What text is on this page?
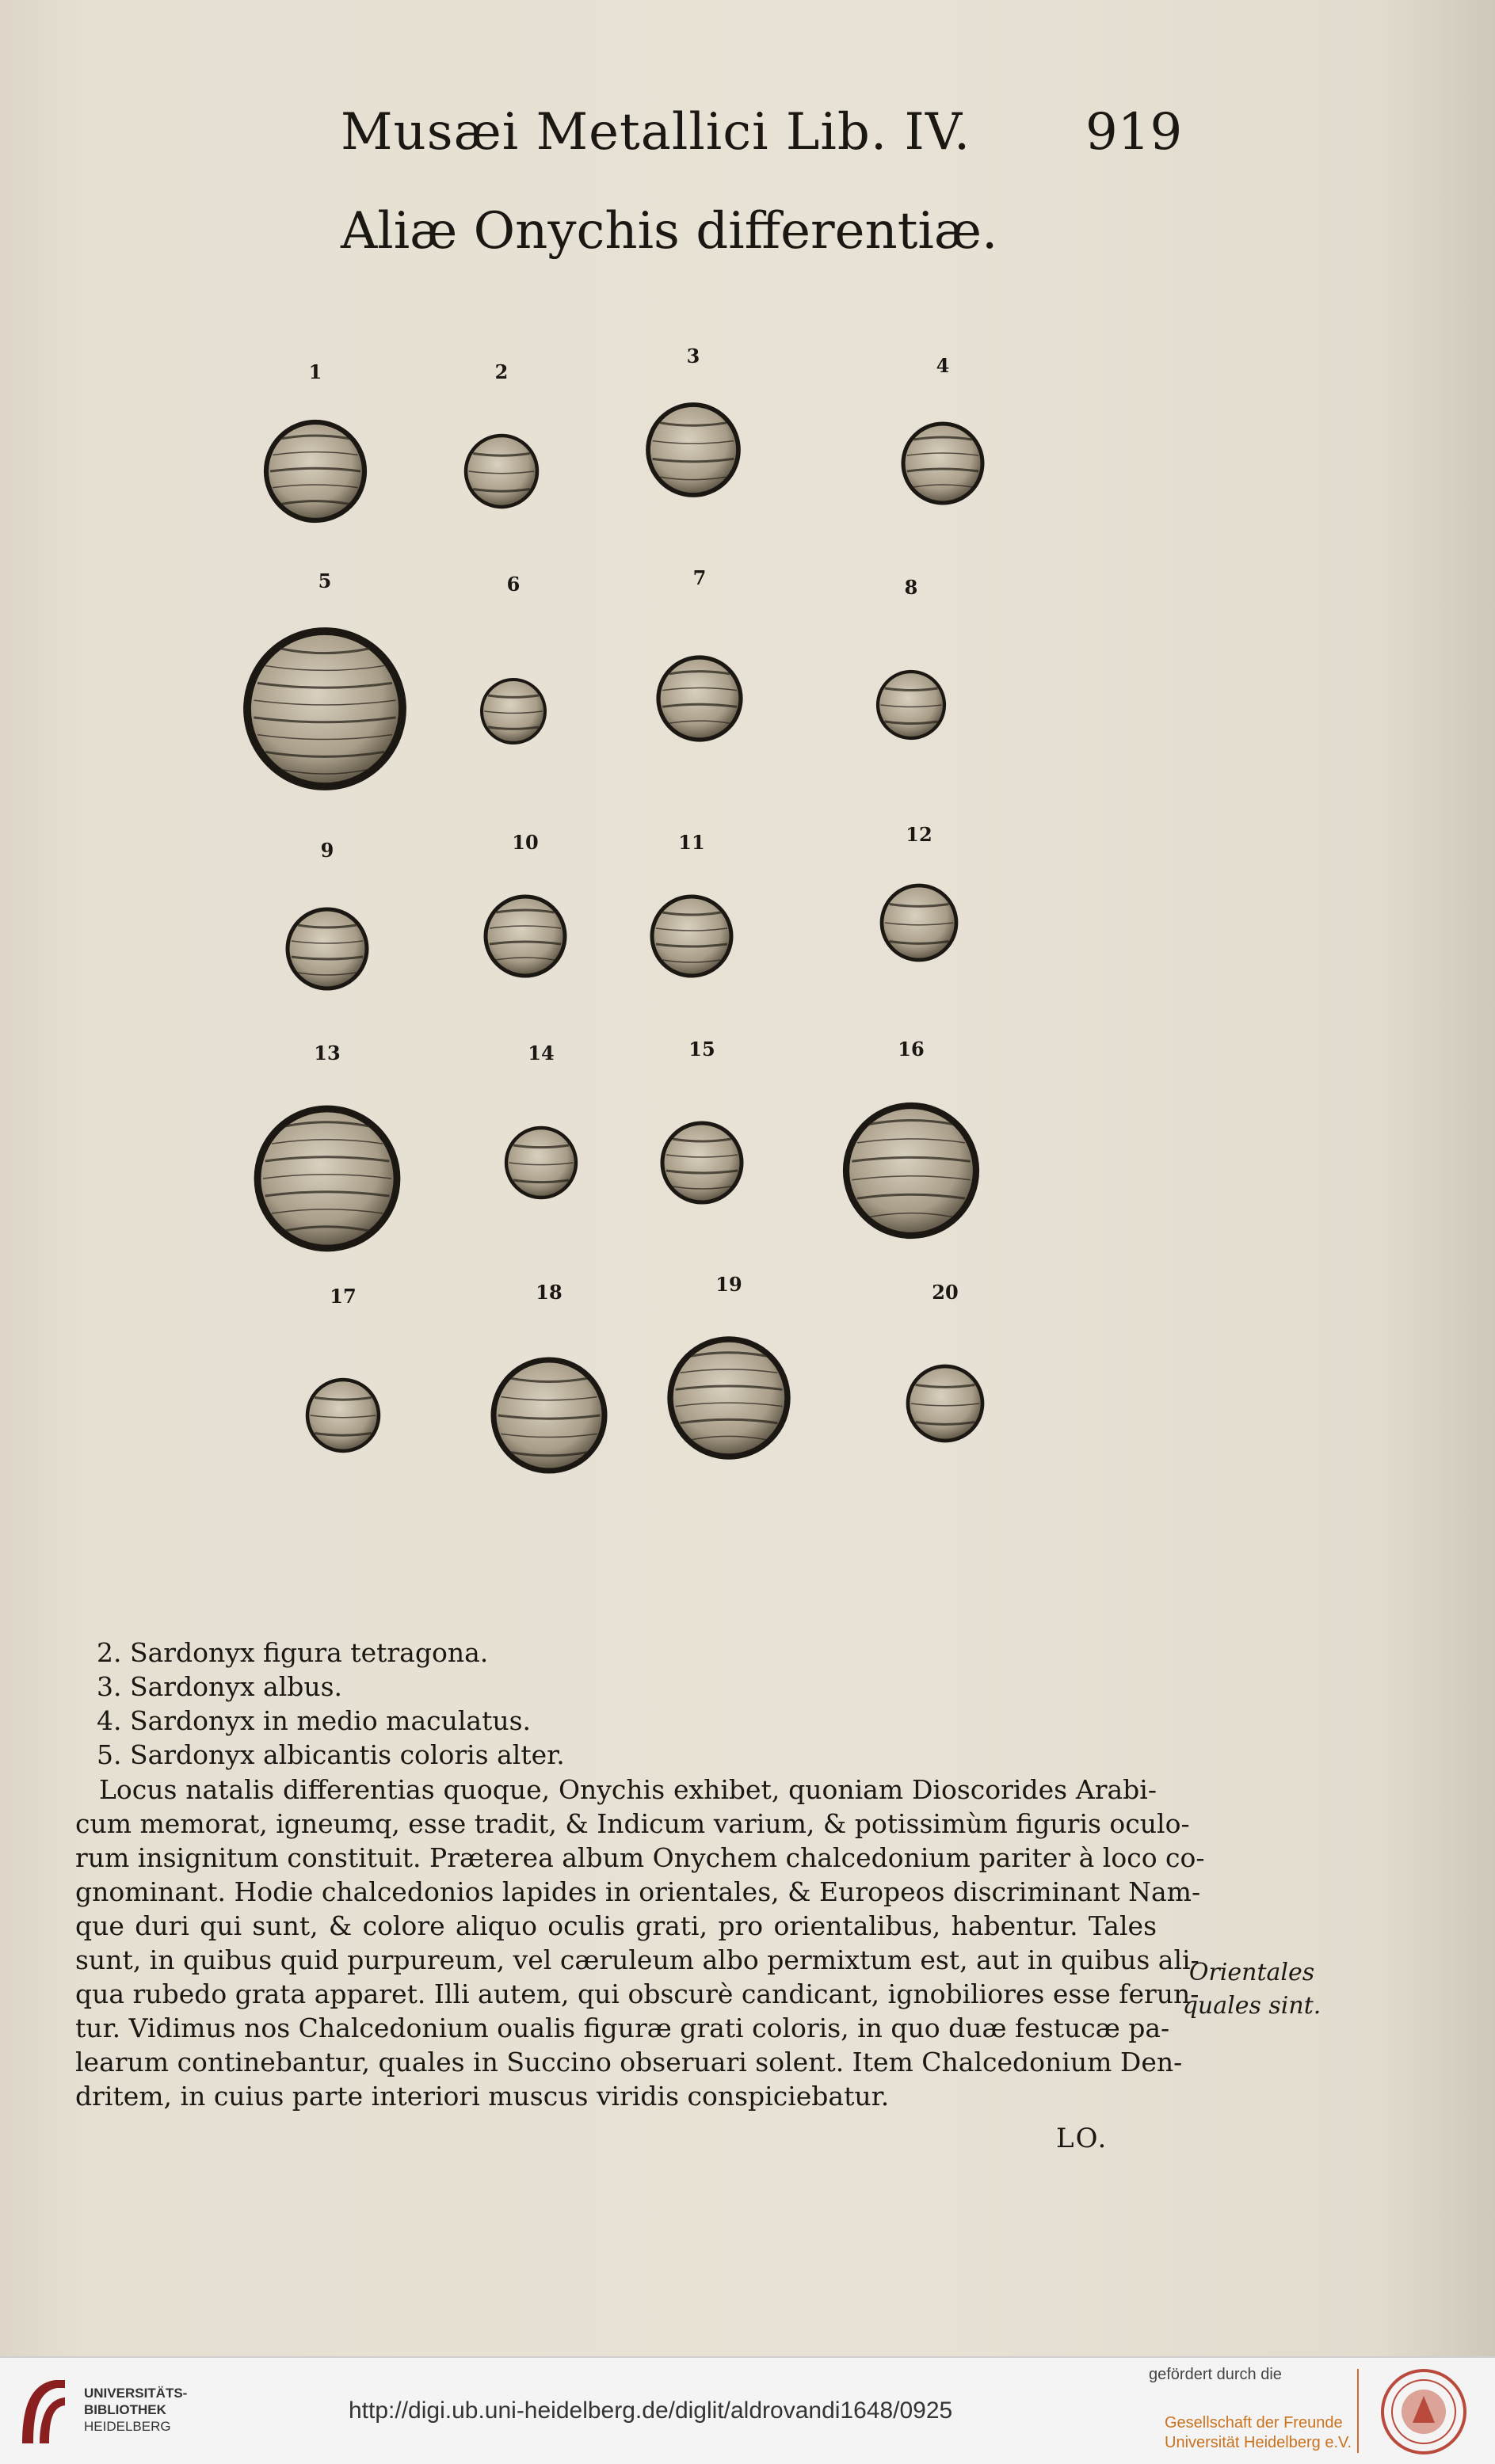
Musæi Metallici Lib. IV. 919
Aliæ Onychis differentiæ.
1	2
3	4
5	6	7	8
9	10	11	12
13	14	15	16
17	18	19	20
2. Sardonyx figura tetragona.
3. Sardonyx albus.
4. Sardonyx in medio maculatus.
5. Sardonyx albicantis coloris alter.
Locus natalis differentias quoque, Onychis exhibet, quoniam Dioscorides Arabi-
cum memorat, igneumq, esse tradit, & Indicum varium, & potissimùm figuris oculo-
rum insignitum constituit. Præterea album Onychem chalcedonium pariter à loco co-
gnominant. Hodie chalcedonios lapides in orientales, & Europeos discriminant Nam-
que duri qui sunt, & colore aliquo oculis grati, pro orientalibus, habentur. Tales
sunt, in quibus quid purpureum, vel cæruleum albo permixtum est, aut in quibus ali-
qua rubedo grata apparet. Illi autem, qui obscurè candicant, ignobiliores esse ferun-
tur. Vidimus nos Chalcedonium oualis figuræ grati coloris, in quo duæ festucæ pa-
learum continebantur, quales in Succino obseruari solent. Item Chalcedonium Den-
dritem, in cuius parte interiori muscus viridis conspiciebatur.
Orientales
quales sint.
LO.
UNIVERSITÄTS-
BIBLIOTHEK
HEIDELBERG
http://digi.ub.uni-heidelberg.de/diglit/aldrovandi1648/0925
gefördert durch die
Gesellschaft der Freunde
Universität Heidelberg e.V.
